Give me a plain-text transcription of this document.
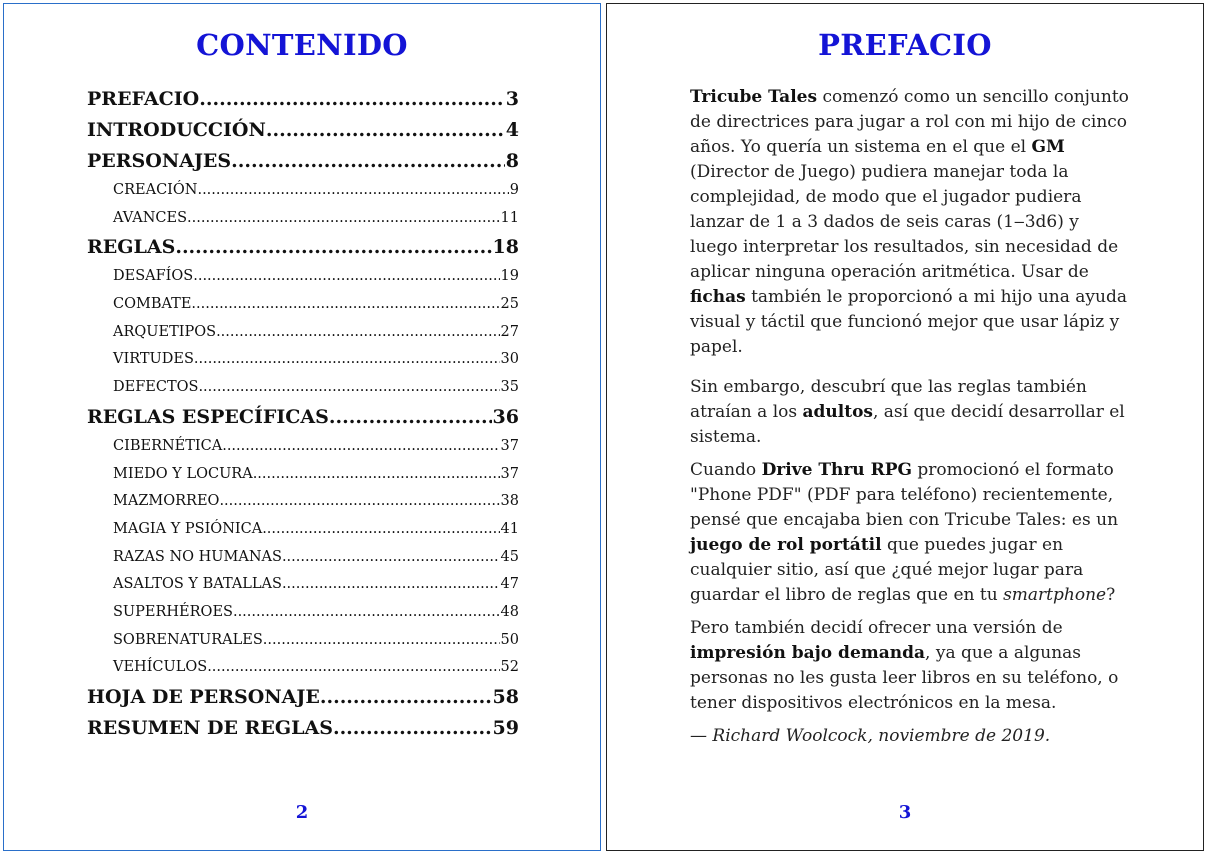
CONTENIDO
PREFACIO .....	3
INTRODUCCIÓN .....	4
PERSONAJES .....	8
CREACIÓN .....	9
AVANCES .....	11
REGLAS .....	18
DESAFÍOS .....	19
COMBATE .....	25
ARQUETIPOS .....	27
VIRTUDES .....	30
DEFECTOS .....	35
REGLAS ESPECÍFICAS .....	36
CIBERNÉTICA .....	37
MIEDO Y LOCURA .....	37
MAZMORREO .....	38
MAGIA Y PSIÓNICA .....	41
RAZAS NO HUMANAS .....	45
ASALTOS Y BATALLAS .....	47
SUPERHÉROES .....	48
SOBRENATURALES .....	50
VEHÍCULOS .....	52
HOJA DE PERSONAJE .....	58
RESUMEN DE REGLAS .....	59
2
PREFACIO

Tricube Tales comenzó como un sencillo conjunto de directrices para jugar a rol con mi hijo de cinco años. Yo quería un sistema en el que el GM (Director de Juego) pudiera manejar toda la complejidad, de modo que el jugador pudiera lanzar de 1 a 3 dados de seis caras (1‒3d6) y luego interpretar los resultados, sin necesidad de aplicar ninguna operación aritmética. Usar de fichas también le proporcionó a mi hijo una ayuda visual y táctil que funcionó mejor que usar lápiz y papel.

Sin embargo, descubrí que las reglas también atraían a los adultos, así que decidí desarrollar el sistema.

Cuando Drive Thru RPG promocionó el formato "Phone PDF" (PDF para teléfono) recientemente, pensé que encajaba bien con Tricube Tales: es un juego de rol portátil que puedes jugar en cualquier sitio, así que ¿qué mejor lugar para guardar el libro de reglas que en tu smartphone?

Pero también decidí ofrecer una versión de impresión bajo demanda, ya que a algunas personas no les gusta leer libros en su teléfono, o tener dispositivos electrónicos en la mesa.

— Richard Woolcock, noviembre de 2019.

3
